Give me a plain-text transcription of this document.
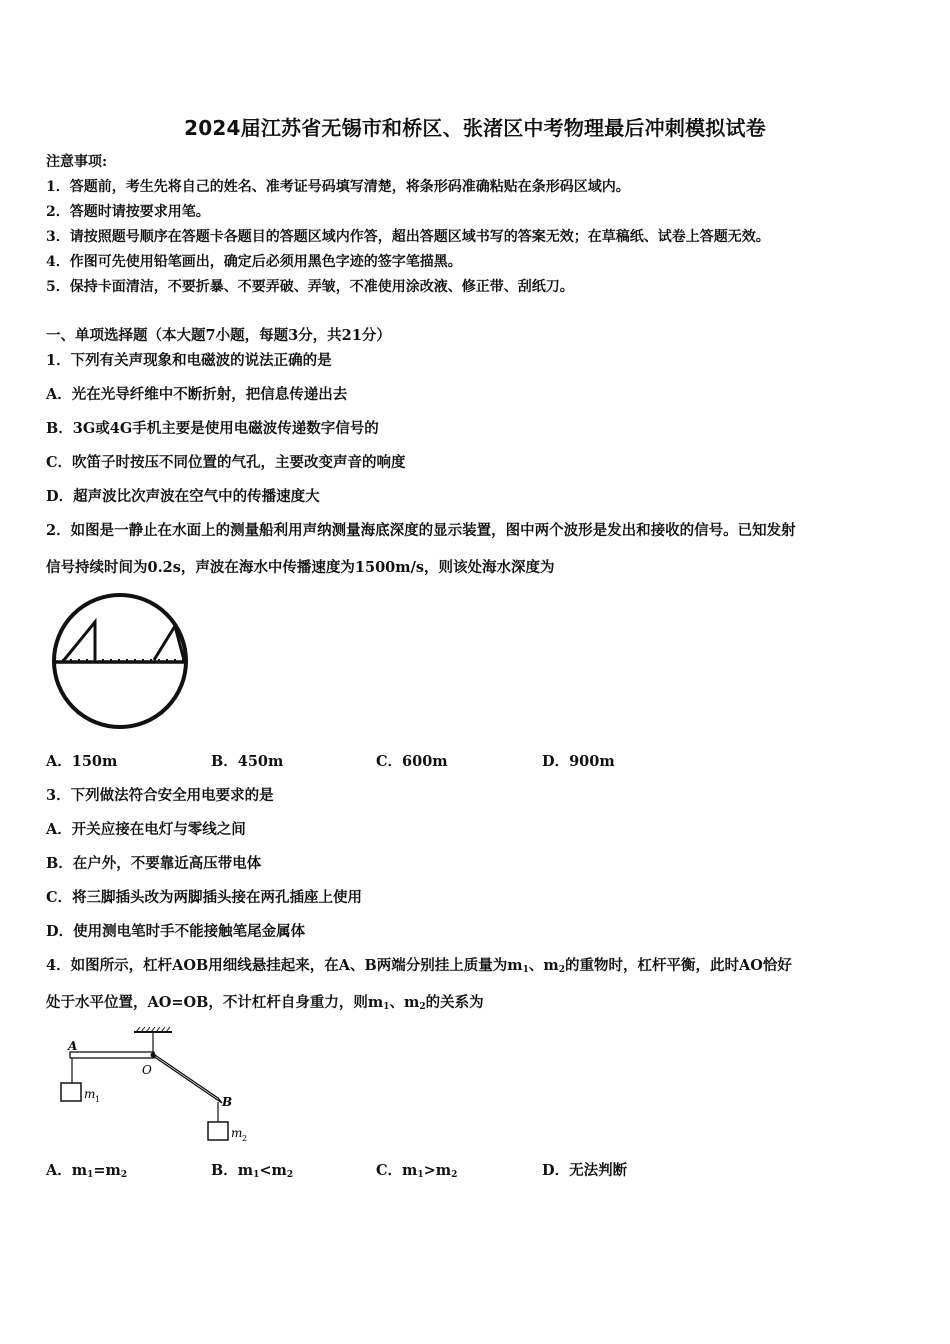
2024届江苏省无锡市和桥区、张渚区中考物理最后冲刺模拟试卷
注意事项:
1．答题前，考生先将自己的姓名、准考证号码填写清楚，将条形码准确粘贴在条形码区域内。
2．答题时请按要求用笔。
3．请按照题号顺序在答题卡各题目的答题区域内作答，超出答题区域书写的答案无效；在草稿纸、试卷上答题无效。
4．作图可先使用铅笔画出，确定后必须用黑色字迹的签字笔描黑。
5．保持卡面清洁，不要折暴、不要弄破、弄皱，不准使用涂改液、修正带、刮纸刀。
一、单项选择题（本大题7小题，每题3分，共21分）
1．下列有关声现象和电磁波的说法正确的是
A．光在光导纤维中不断折射，把信息传递出去
B．3G或4G手机主要是使用电磁波传递数字信号的
C．吹笛子时按压不同位置的气孔，主要改变声音的响度
D．超声波比次声波在空气中的传播速度大
2．如图是一静止在水面上的测量船利用声纳测量海底深度的显示装置，图中两个波形是发出和接收的信号。已知发射
信号持续时间为0.2s，声波在海水中传播速度为1500m/s，则该处海水深度为
A．150m	B．450m	C．600m	D．900m
3．下列做法符合安全用电要求的是
A．开关应接在电灯与零线之间
B．在户外，不要靠近高压带电体
C．将三脚插头改为两脚插头接在两孔插座上使用
D．使用测电笔时手不能接触笔尾金属体
4．如图所示，杠杆AOB用细线悬挂起来，在A、B两端分别挂上质量为$m_1$、$m_2$的重物时，杠杆平衡，此时AO恰好
处于水平位置，AO=OB，不计杠杆自身重力，则$m_1$、$m_2$的关系为
A
O
B
m 1
m 2
A．$m_1=m_2$	B．$m_1<m_2$	C．$m_1>m_2$	D．无法判断
